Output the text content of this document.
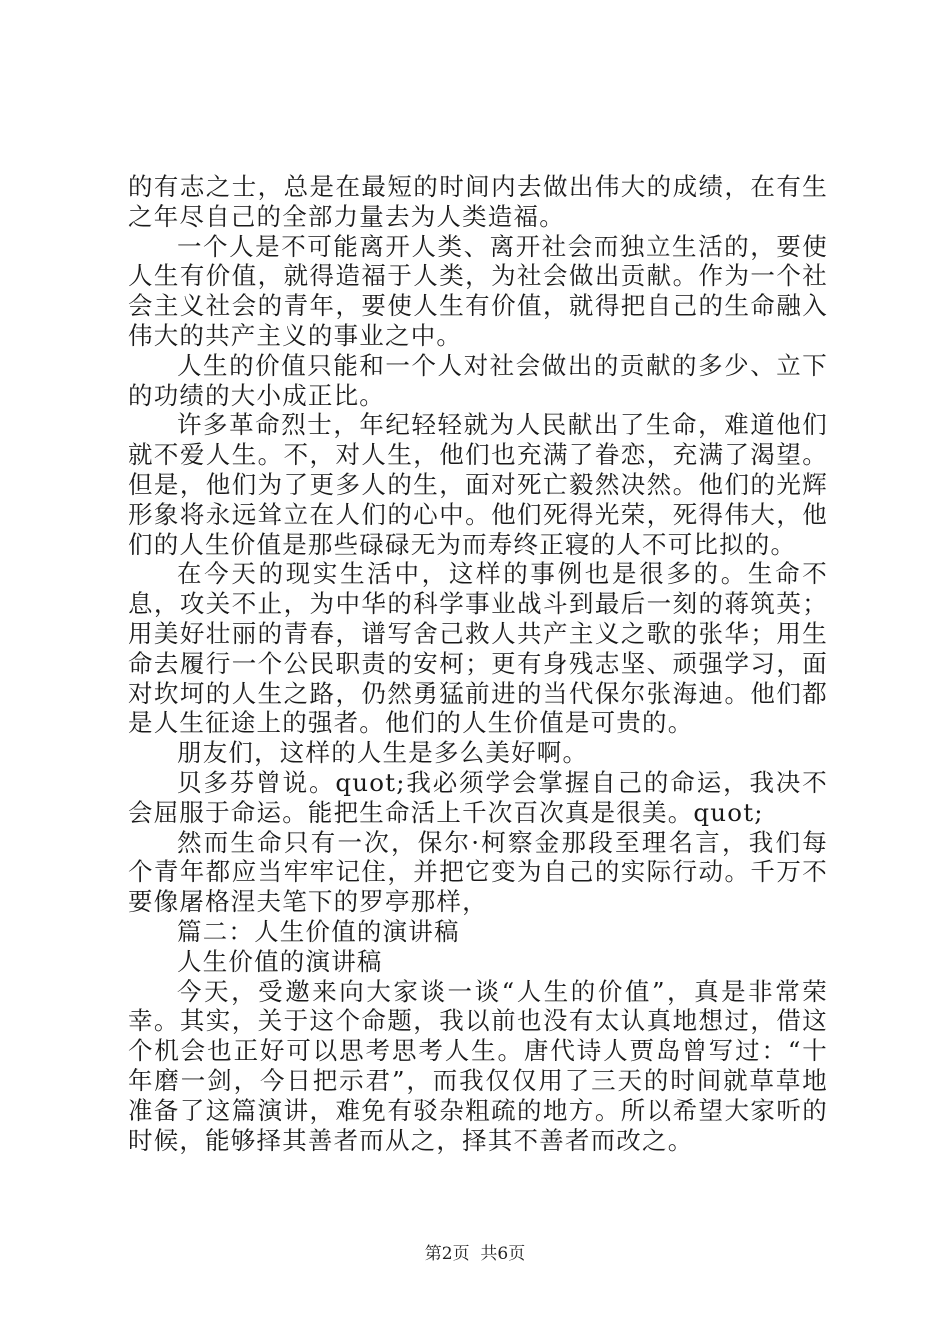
的有志之士，总是在最短的时间内去做出伟大的成绩，在有生之年尽自己的全部力量去为人类造福。

一个人是不可能离开人类、离开社会而独立生活的，要使人生有价值，就得造福于人类，为社会做出贡献。作为一个社会主义社会的青年，要使人生有价值，就得把自己的生命融入伟大的共产主义的事业之中。

人生的价值只能和一个人对社会做出的贡献的多少、立下的功绩的大小成正比。

许多革命烈士，年纪轻轻就为人民献出了生命，难道他们就不爱人生。不，对人生，他们也充满了眷恋，充满了渴望。但是，他们为了更多人的生，面对死亡毅然决然。他们的光辉形象将永远耸立在人们的心中。他们死得光荣，死得伟大，他们的人生价值是那些碌碌无为而寿终正寝的人不可比拟的。

在今天的现实生活中，这样的事例也是很多的。生命不息，攻关不止，为中华的科学事业战斗到最后一刻的蒋筑英；用美好壮丽的青春，谱写舍己救人共产主义之歌的张华；用生命去履行一个公民职责的安柯；更有身残志坚、顽强学习，面对坎坷的人生之路，仍然勇猛前进的当代保尔张海迪。他们都是人生征途上的强者。他们的人生价值是可贵的。

朋友们，这样的人生是多么美好啊。

贝多芬曾说。quot;我必须学会掌握自己的命运，我决不会屈服于命运。能把生命活上千次百次真是很美。quot;

然而生命只有一次，保尔·柯察金那段至理名言，我们每个青年都应当牢牢记住，并把它变为自己的实际行动。千万不要像屠格涅夫笔下的罗亭那样，

篇二：人生价值的演讲稿

人生价值的演讲稿

今天，受邀来向大家谈一谈“人生的价值”，真是非常荣幸。其实，关于这个命题，我以前也没有太认真地想过，借这个机会也正好可以思考思考人生。唐代诗人贾岛曾写过：“十年磨一剑，今日把示君”，而我仅仅用了三天的时间就草草地准备了这篇演讲，难免有驳杂粗疏的地方。所以希望大家听的时候，能够择其善者而从之，择其不善者而改之。

第2页 共6页
